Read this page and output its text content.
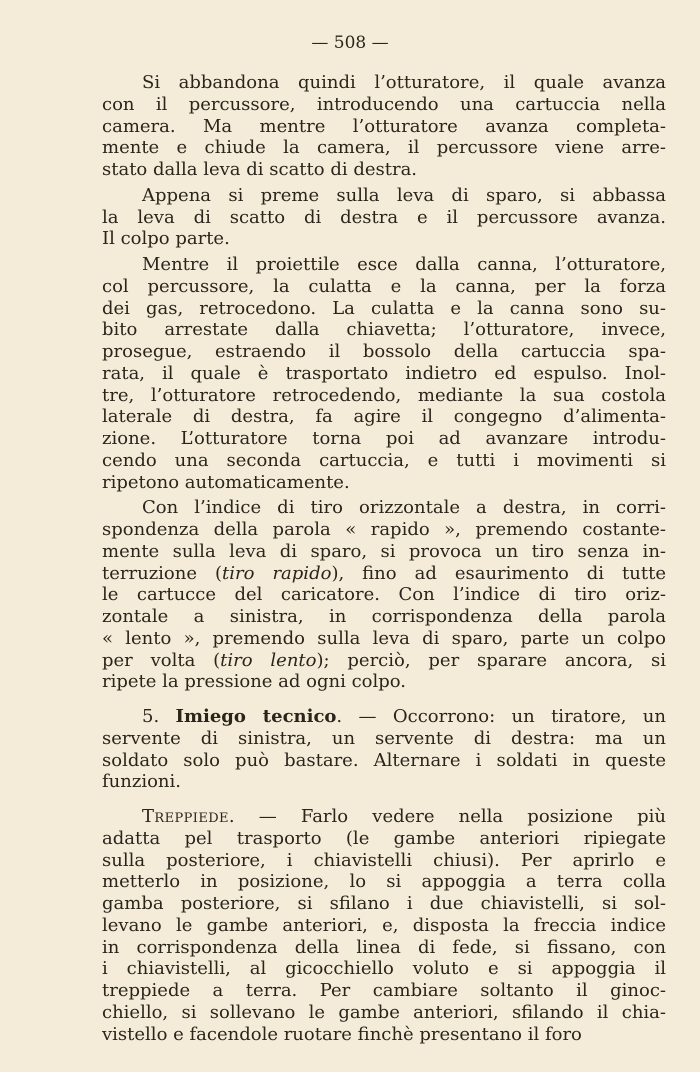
— 508 —
Si abbandona quindi l’otturatore, il quale avanza
con il percussore, introducendo una cartuccia nella
camera. Ma mentre l’otturatore avanza completa-
mente e chiude la camera, il percussore viene arre-
stato dalla leva di scatto di destra.
Appena si preme sulla leva di sparo, si abbassa
la leva di scatto di destra e il percussore avanza.
Il colpo parte.
Mentre il proiettile esce dalla canna, l’otturatore,
col percussore, la culatta e la canna, per la forza
dei gas, retrocedono. La culatta e la canna sono su-
bito arrestate dalla chiavetta; l’otturatore, invece,
prosegue, estraendo il bossolo della cartuccia spa-
rata, il quale è trasportato indietro ed espulso. Inol-
tre, l’otturatore retrocedendo, mediante la sua costola
laterale di destra, fa agire il congegno d’alimenta-
zione. L’otturatore torna poi ad avanzare introdu-
cendo una seconda cartuccia, e tutti i movimenti si
ripetono automaticamente.
Con l’indice di tiro orizzontale a destra, in corri-
spondenza della parola « rapido », premendo costante-
mente sulla leva di sparo, si provoca un tiro senza in-
terruzione (tiro rapido), fino ad esaurimento di tutte
le cartucce del caricatore. Con l’indice di tiro oriz-
zontale a sinistra, in corrispondenza della parola
« lento », premendo sulla leva di sparo, parte un colpo
per volta (tiro lento); perciò, per sparare ancora, si
ripete la pressione ad ogni colpo.
5. Imiego tecnico. — Occorrono: un tiratore, un
servente di sinistra, un servente di destra: ma un
soldato solo può bastare. Alternare i soldati in queste
funzioni.
Treppiede. — Farlo vedere nella posizione più
adatta pel trasporto (le gambe anteriori ripiegate
sulla posteriore, i chiavistelli chiusi). Per aprirlo e
metterlo in posizione, lo si appoggia a terra colla
gamba posteriore, si sfilano i due chiavistelli, si sol-
levano le gambe anteriori, e, disposta la freccia indice
in corrispondenza della linea di fede, si fissano, con
i chiavistelli, al gicocchiello voluto e si appoggia il
treppiede a terra. Per cambiare soltanto il ginoc-
chiello, si sollevano le gambe anteriori, sfilando il chia-
vistello e facendole ruotare finchè presentano il foro
